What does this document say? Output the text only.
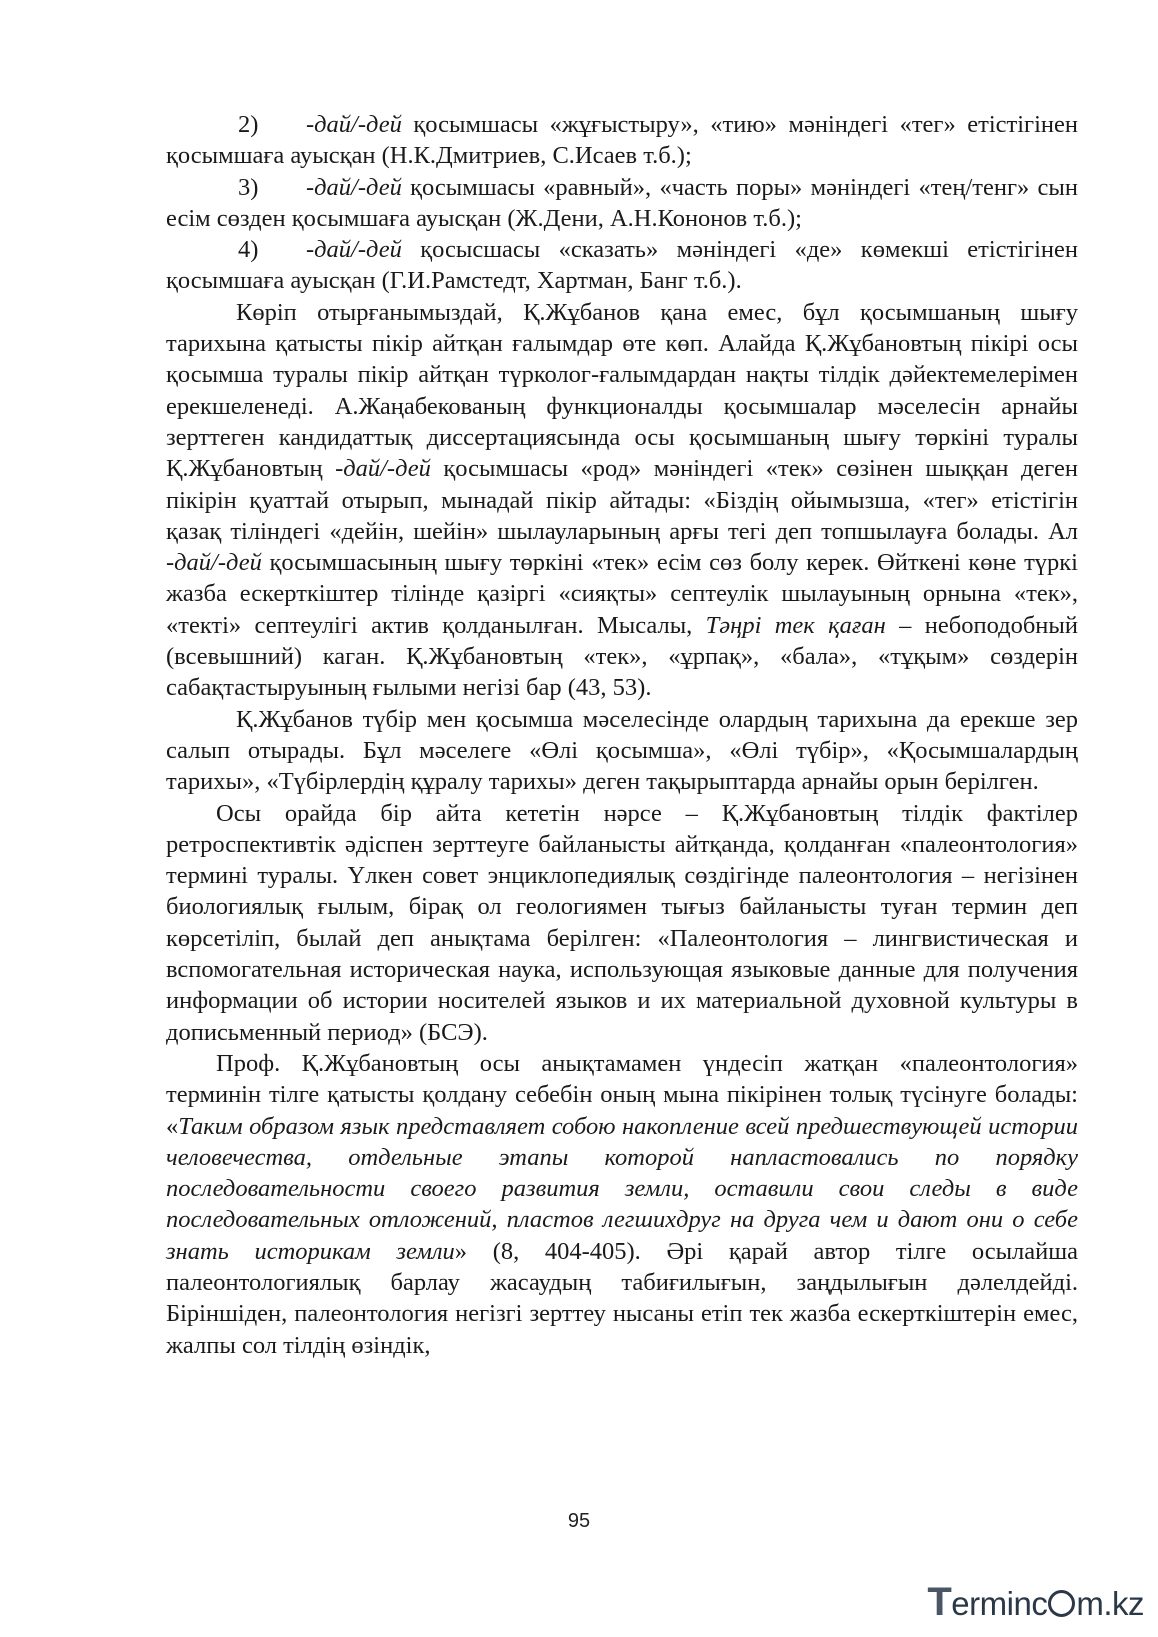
2) -дай/-дей қосымшасы «жұғыстыру», «тию» мәніндегі «тег» етістігінен қосымшаға ауысқан (Н.К.Дмитриев, С.Исаев т.б.);

3) -дай/-дей қосымшасы «равный», «часть поры» мәніндегі «тең/тенг» сын есім сөзден қосымшаға ауысқан (Ж.Дени, А.Н.Кононов т.б.);

4) -дай/-дей қосысшасы «сказать» мәніндегі «де» көмекші етістігінен қосымшаға ауысқан (Г.И.Рамстедт, Хартман, Банг т.б.).

Көріп отырғанымыздай, Қ.Жұбанов қана емес, бұл қосымшаның шығу тарихына қатысты пікір айтқан ғалымдар өте көп. Алайда Қ.Жұбановтың пікірі осы қосымша туралы пікір айтқан түрколог-ғалымдардан нақты тілдік дәйектемелерімен ерекшеленеді. А.Жаңабекованың функционалды қосымшалар мәселесін арнайы зерттеген кандидаттық диссертациясында осы қосымшаның шығу төркіні туралы Қ.Жұбановтың -дай/-дей қосымшасы «род» мәніндегі «тек» сөзінен шыққан деген пікірін қуаттай отырып, мынадай пікір айтады: «Біздің ойымызша, «тег» етістігін қазақ тіліндегі «дейін, шейін» шылауларының арғы тегі деп топшылауға болады. Ал -дай/-дей қосымшасының шығу төркіні «тек» есім сөз болу керек. Өйткені көне түркі жазба ескерткіштер тілінде қазіргі «сияқты» септеулік шылауының орнына «тек», «текті» септеулігі актив қолданылған. Мысалы, Тәңрі тек қаған – небоподобный (всевышний) каган. Қ.Жұбановтың «тек», «ұрпақ», «бала», «тұқым» сөздерін сабақтастыруының ғылыми негізі бар (43, 53).

Қ.Жұбанов түбір мен қосымша мәселесінде олардың тарихына да ерекше зер салып отырады. Бұл мәселеге «Өлі қосымша», «Өлі түбір», «Қосымшалардың тарихы», «Түбірлердің құралу тарихы» деген тақырыптарда арнайы орын берілген.

Осы орайда бір айта кететін нәрсе – Қ.Жұбановтың тілдік фактілер ретроспективтік әдіспен зерттеуге байланысты айтқанда, қолданған «палеонтология» термині туралы. Үлкен совет энциклопедиялық сөздігінде палеонтология – негізінен биологиялық ғылым, бірақ ол геологиямен тығыз байланысты туған термин деп көрсетіліп, былай деп анықтама берілген: «Палеонтология – лингвистическая и вспомогательная историческая наука, использующая языковые данные для получения информации об истории носителей языков и их материальной духовной культуры в дописьменный период» (БСЭ).

Проф. Қ.Жұбановтың осы анықтамамен үндесіп жатқан «палеонтология» терминін тілге қатысты қолдану себебін оның мына пікірінен толық түсінуге болады: «Таким образом язык представляет собою накопление всей предшествующей истории человечества, отдельные этапы которой напластовались по порядку последовательности своего развития земли, оставили свои следы в виде последовательных отложений, пластов легшихдруг на друга чем и дают они о себе знать историкам земли» (8, 404-405). Әрі қарай автор тілге осылайша палеонтологиялық барлау жасаудың табиғилығын, заңдылығын дәлелдейді. Біріншіден, палеонтология негізгі зерттеу нысаны етіп тек жазба ескерткіштерін емес, жалпы сол тілдің өзіндік,

95
Terminc m.kz
